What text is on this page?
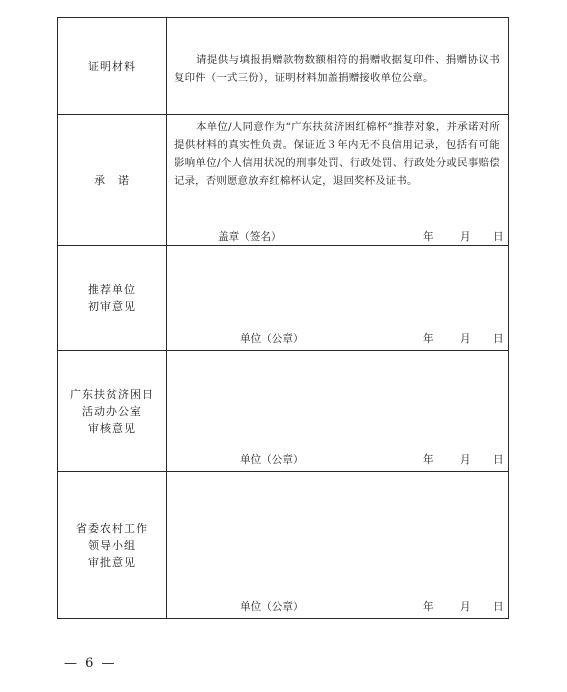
证明材料	请提供与填报捐赠款物数额相符的捐赠收据复印件、捐赠协议书复印件（一式三份），证明材料加盖捐赠接收单位公章。

承　诺	本单位/人同意作为“广东扶贫济困红棉杯”推荐对象，并承诺对所提供材料的真实性负责。保证近３年内无不良信用记录，包括有可能影响单位/个人信用状况的刑事处罚、行政处罚、行政处分或民事赔偿记录，否则愿意放弃红棉杯认定，退回奖杯及证书。
盖章（签名） 年 月 日

推荐单位
初审意见	单位（公章） 年 月 日

广东扶贫济困日
活动办公室
审核意见	单位（公章） 年 月 日

省委农村工作
领导小组
审批意见	单位（公章） 年 月 日
— 6 —
